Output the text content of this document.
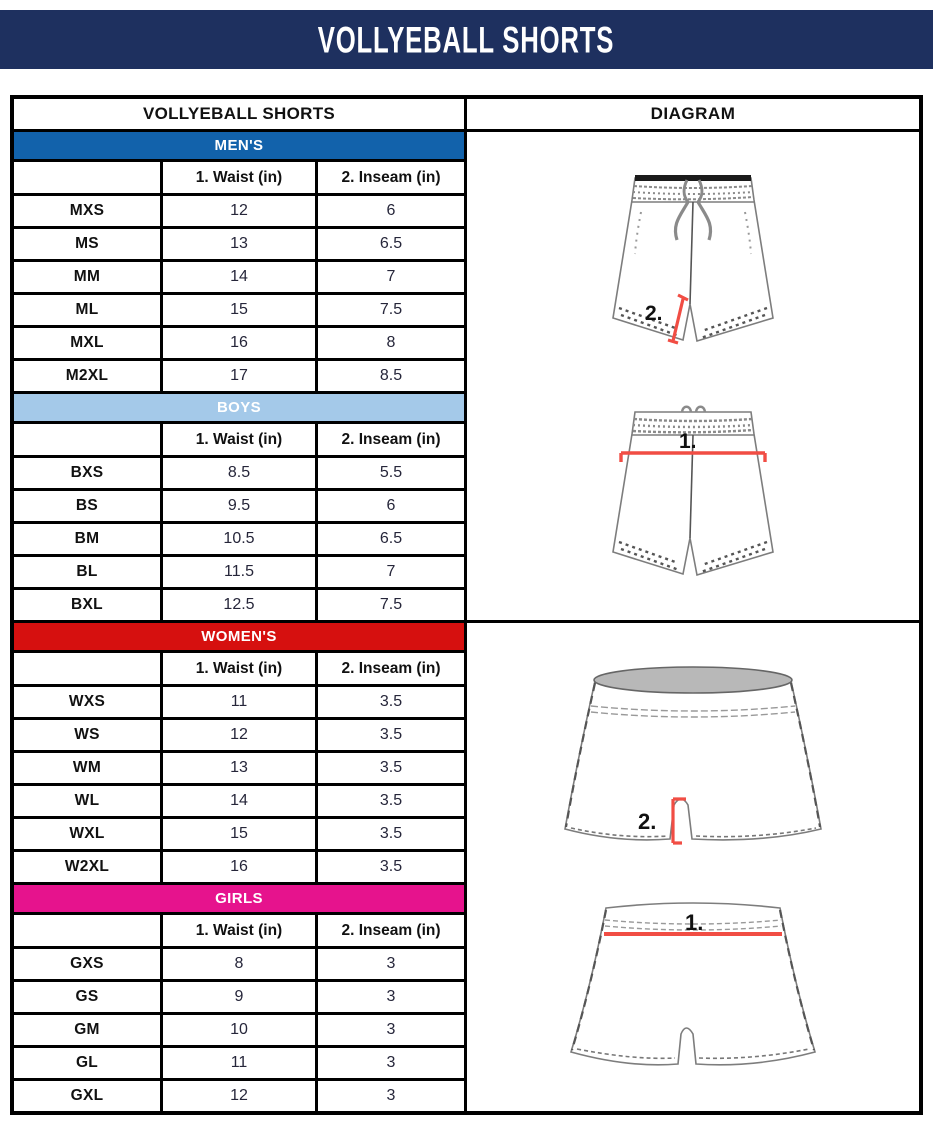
VOLLYEBALL SHORTS
VOLLYEBALL SHORTS	DIAGRAM
2.
1.
2.
1.
MEN'S
1. Waist (in)	2. Inseam (in)
MXS	12	6
MS	13	6.5
MM	14	7
ML	15	7.5
MXL	16	8
M2XL	17	8.5
BOYS
1. Waist (in)	2. Inseam (in)
BXS	8.5	5.5
BS	9.5	6
BM	10.5	6.5
BL	11.5	7
BXL	12.5	7.5
WOMEN'S
1. Waist (in)	2. Inseam (in)
WXS	11	3.5
WS	12	3.5
WM	13	3.5
WL	14	3.5
WXL	15	3.5
W2XL	16	3.5
GIRLS
1. Waist (in)	2. Inseam (in)
GXS	8	3
GS	9	3
GM	10	3
GL	11	3
GXL	12	3
